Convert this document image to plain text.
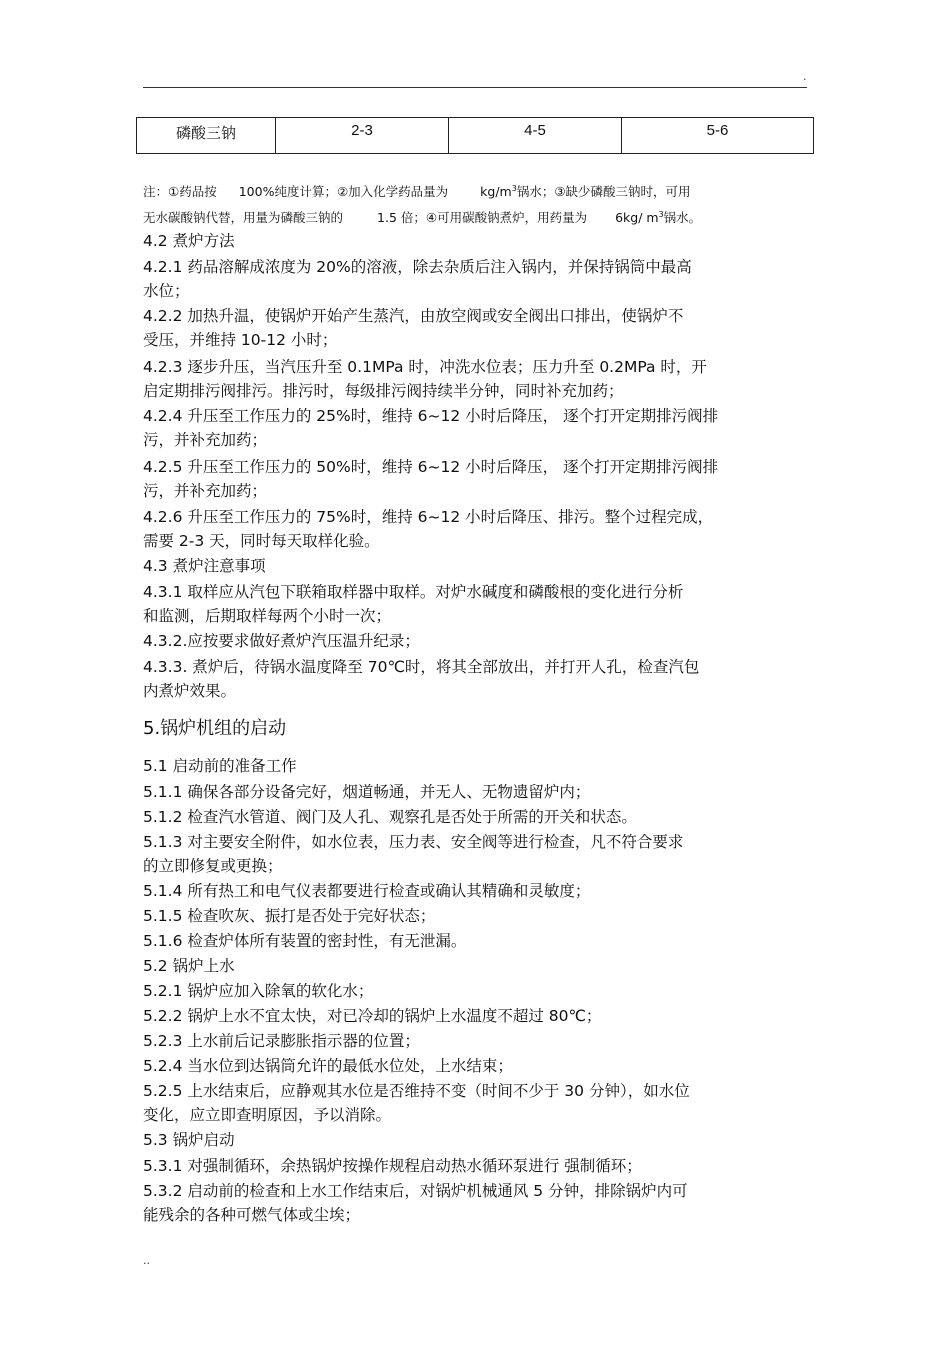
.
磷酸三钠	2-3	4-5	5-6
注：①药品按 100%纯度计算；②加入化学药品量为	$kg/m^3$锅水；③缺少磷酸三钠时，可用
无水碳酸钠代替，用量为磷酸三钠的	1.5 倍；④可用碳酸钠煮炉，用药量为 6kg/ $m^3$锅水。
4.2 煮炉方法
4.2.1 药品溶解成浓度为 20%的溶液，除去杂质后注入锅内，并保持锅筒中最高
水位；
4.2.2 加热升温，使锅炉开始产生蒸汽，由放空阀或安全阀出口排出，使锅炉不
受压，并维持 10-12 小时；
4.2.3 逐步升压，当汽压升至 0.1MPa 时，冲洗水位表；压力升至 0.2MPa 时，开
启定期排污阀排污。排污时，每级排污阀持续半分钟，同时补充加药；
4.2.4 升压至工作压力的 25%时，维持 6~12 小时后降压， 逐个打开定期排污阀排
污，并补充加药；
4.2.5 升压至工作压力的 50%时，维持 6~12 小时后降压， 逐个打开定期排污阀排
污，并补充加药；
4.2.6 升压至工作压力的 75%时，维持 6~12 小时后降压、排污。整个过程完成，
需要 2-3 天，同时每天取样化验。
4.3 煮炉注意事项
4.3.1 取样应从汽包下联箱取样器中取样。对炉水碱度和磷酸根的变化进行分析
和监测，后期取样每两个小时一次；
4.3.2.应按要求做好煮炉汽压温升纪录；
4.3.3. 煮炉后，待锅水温度降至 70℃时，将其全部放出，并打开人孔，检查汽包
内煮炉效果。
5.锅炉机组的启动
5.1 启动前的准备工作
5.1.1 确保各部分设备完好，烟道畅通，并无人、无物遗留炉内；
5.1.2 检查汽水管道、阀门及人孔、观察孔是否处于所需的开关和状态。
5.1.3 对主要安全附件，如水位表，压力表、安全阀等进行检查，凡不符合要求
的立即修复或更换；
5.1.4 所有热工和电气仪表都要进行检查或确认其精确和灵敏度；
5.1.5 检查吹灰、振打是否处于完好状态；
5.1.6 检查炉体所有装置的密封性，有无泄漏。
5.2 锅炉上水
5.2.1 锅炉应加入除氧的软化水；
5.2.2 锅炉上水不宜太快，对已冷却的锅炉上水温度不超过 80℃；
5.2.3 上水前后记录膨胀指示器的位置；
5.2.4 当水位到达锅筒允许的最低水位处，上水结束；
5.2.5 上水结束后，应静观其水位是否维持不变（时间不少于 30 分钟），如水位
变化，应立即查明原因，予以消除。
5.3 锅炉启动
5.3.1 对强制循环，余热锅炉按操作规程启动热水循环泵进行 强制循环；
5.3.2 启动前的检查和上水工作结束后，对锅炉机械通风 5 分钟，排除锅炉内可
能残余的各种可燃气体或尘埃；
..
